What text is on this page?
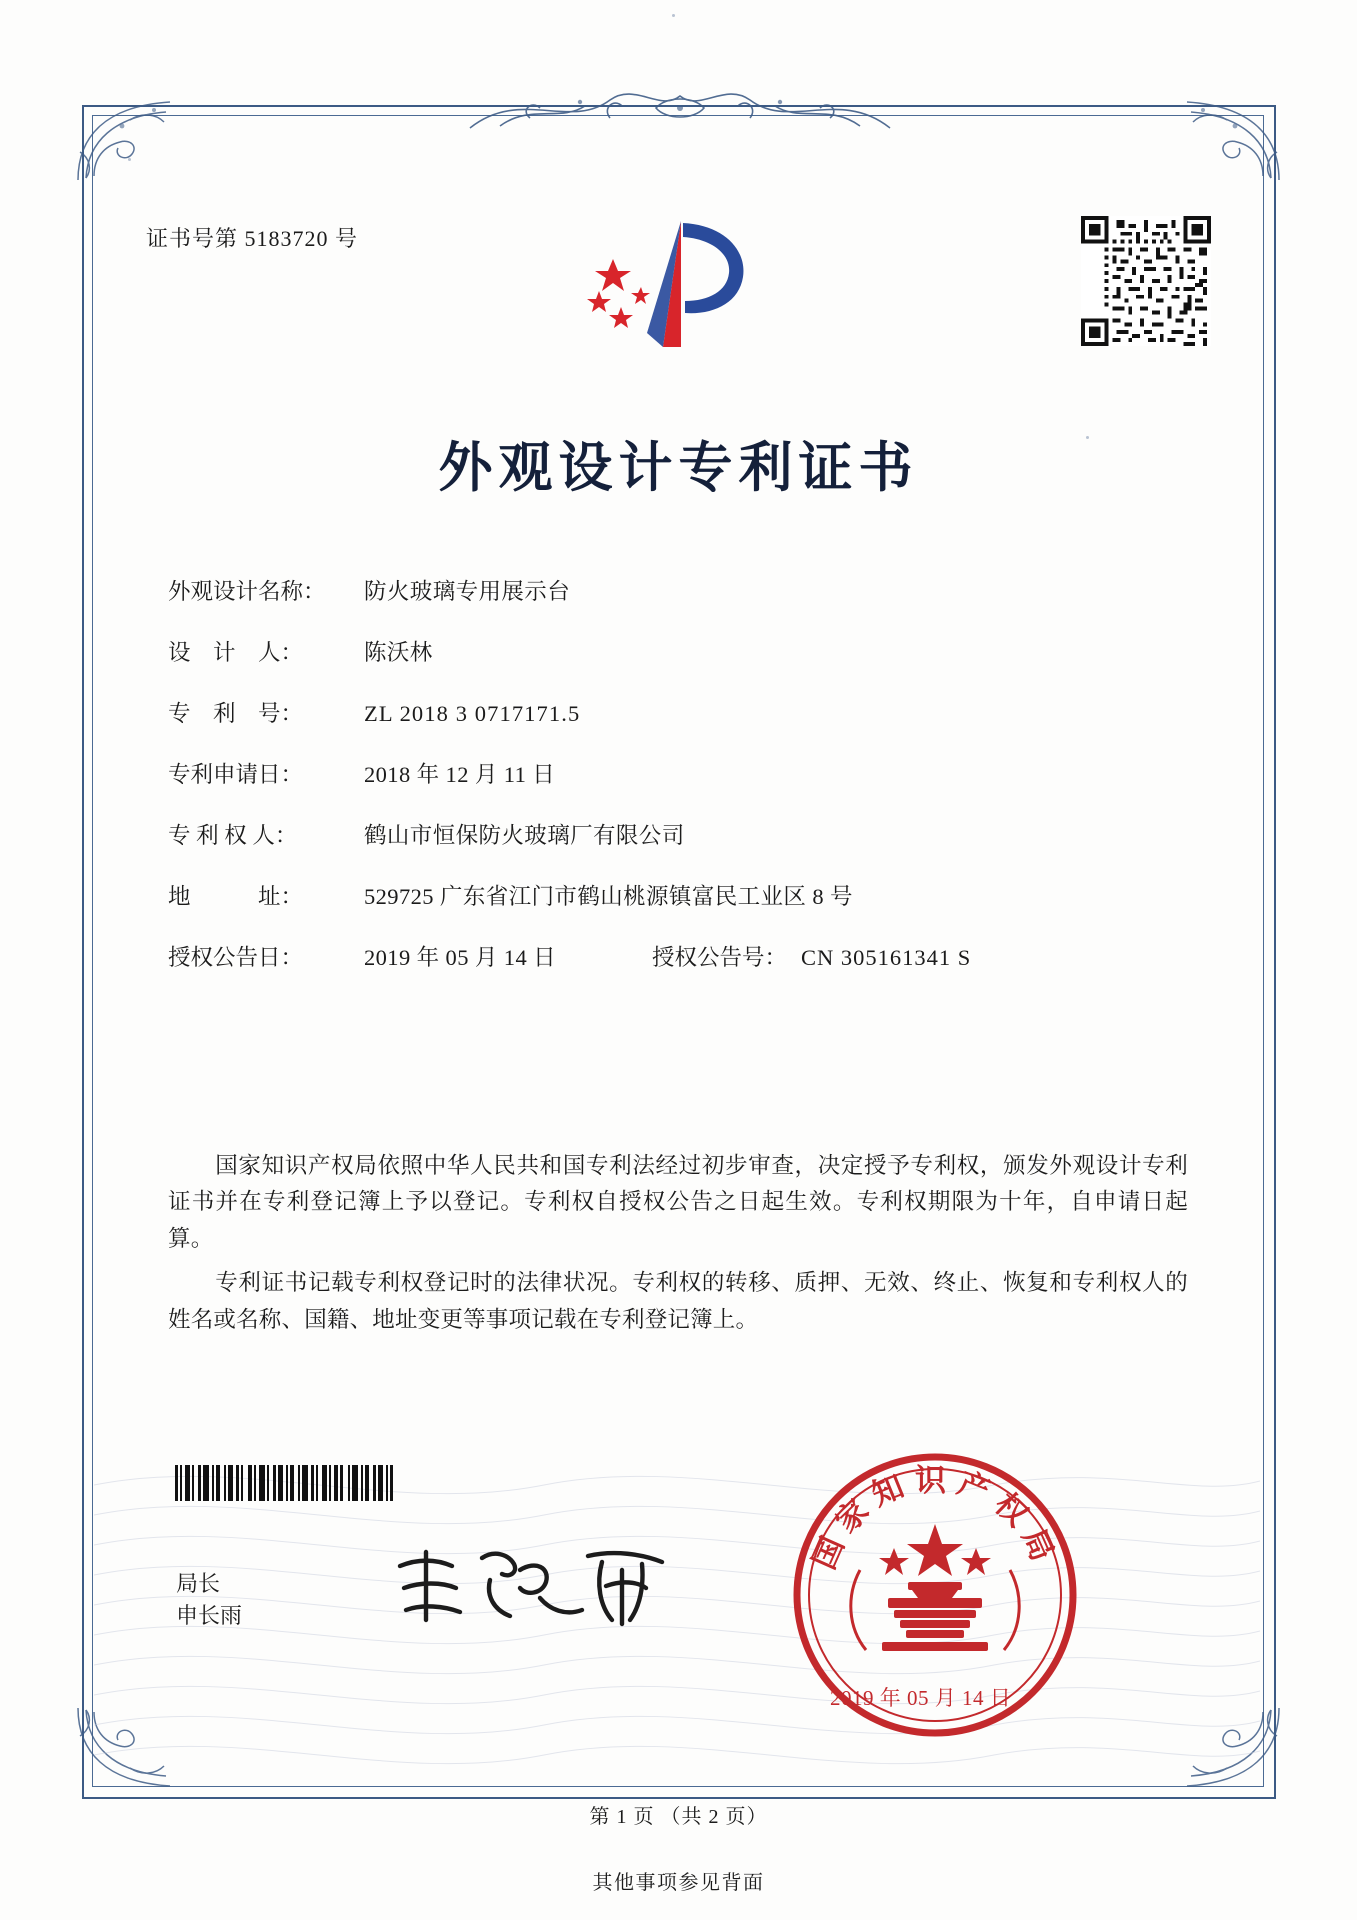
证书号第 5183720 号
外观设计专利证书
外观设计名称：	防火玻璃专用展示台
设　计　人：	陈沃林
专　利　号：	ZL 2018 3 0717171.5
专利申请日：	2018 年 12 月 11 日
专 利 权 人：	鹤山市恒保防火玻璃厂有限公司
地　　　址：	529725 广东省江门市鹤山桃源镇富民工业区 8 号
授权公告日：	2019 年 05 月 14 日	授权公告号： CN 305161341 S

国家知识产权局依照中华人民共和国专利法经过初步审查，决定授予专利权，颁发外观设计专利证书并在专利登记簿上予以登记。专利权自授权公告之日起生效。专利权期限为十年，自申请日起算。

专利证书记载专利权登记时的法律状况。专利权的转移、质押、无效、终止、恢复和专利权人的姓名或名称、国籍、地址变更等事项记载在专利登记簿上。

局长
申长雨
国家知识产权局
2019 年 05 月 14 日
第 1 页 （共 2 页）
其他事项参见背面
